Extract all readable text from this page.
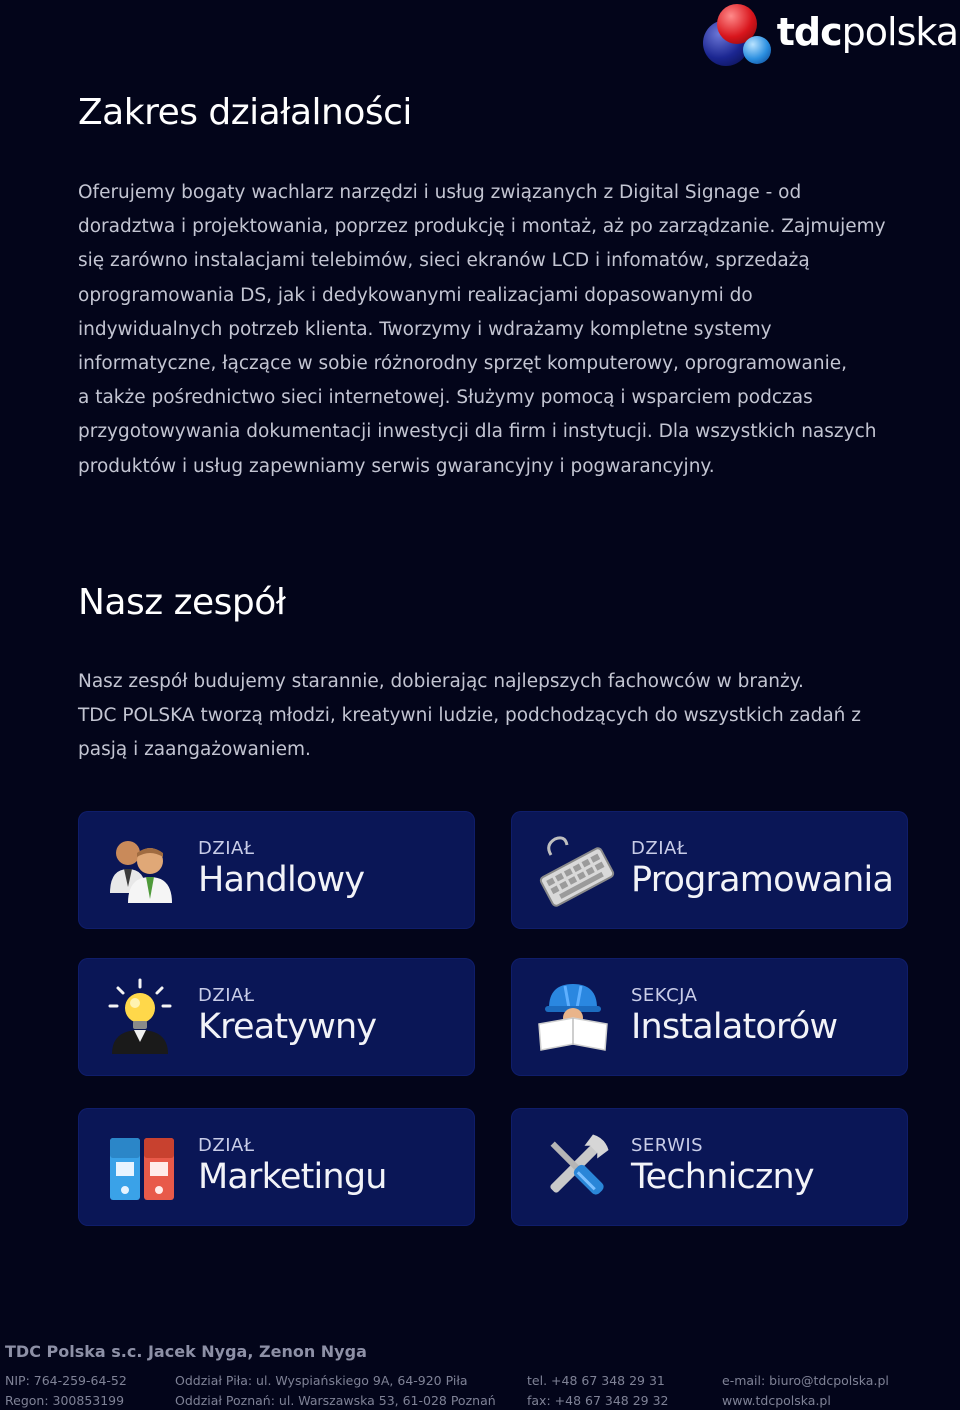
tdcpolska
Zakres działalności
Oferujemy bogaty wachlarz narzędzi i usług związanych z Digital Signage - od
doradztwa i projektowania, poprzez produkcję i montaż, aż po zarządzanie. Zajmujemy
się zarówno instalacjami telebimów, sieci ekranów LCD i infomatów, sprzedażą
oprogramowania DS, jak i dedykowanymi realizacjami dopasowanymi do
indywidualnych potrzeb klienta. Tworzymy i wdrażamy kompletne systemy
informatyczne, łączące w sobie różnorodny sprzęt komputerowy, oprogramowanie,
a także pośrednictwo sieci internetowej. Służymy pomocą i wsparciem podczas
przygotowywania dokumentacji inwestycji dla firm i instytucji. Dla wszystkich naszych
produktów i usług zapewniamy serwis gwarancyjny i pogwarancyjny.
Nasz zespół
Nasz zespół budujemy starannie, dobierając najlepszych fachowców w branży.
TDC POLSKA tworzą młodzi, kreatywni ludzie, podchodzących do wszystkich zadań z
pasją i zaangażowaniem.
DZIAŁ
Handlowy
DZIAŁ
Programowania
DZIAŁ
Kreatywny
SEKCJA
Instalatorów
DZIAŁ
Marketingu
SERWIS
Techniczny
TDC Polska s.c. Jacek Nyga, Zenon Nyga
NIP: 764-259-64-52
Regon: 300853199
Oddział Piła: ul. Wyspiańskiego 9A, 64-920 Piła
Oddział Poznań: ul. Warszawska 53, 61-028 Poznań
tel. +48 67 348 29 31
fax: +48 67 348 29 32
e-mail: biuro@tdcpolska.pl
www.tdcpolska.pl
